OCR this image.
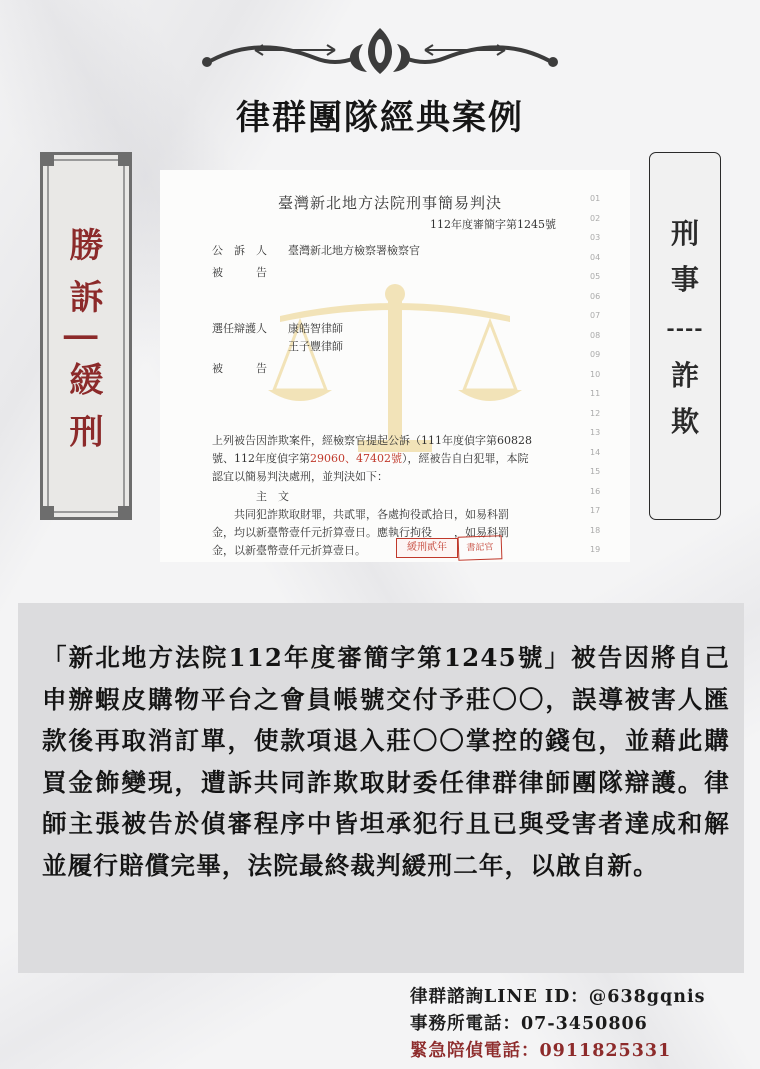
律群團隊經典案例
勝訴|緩刑	刑
事
----
詐
欺
臺灣新北地方法院刑事簡易判決
112年度審簡字第1245號
公　訴　人 臺灣新北地方檢察署檢察官
被　　　告
選任辯護人 康皓智律師
王子豐律師
被　　　告
上列被告因詐欺案件，經檢察官提起公訴（111年度偵字第60828
號、112年度偵字第29060、47402號），經被告自白犯罪，本院
認宜以簡易判決處刑，並判決如下：
主　文
　　共同犯詐欺取財罪，共貳罪，各處拘役貳拾日，如易科罰
金，均以新臺幣壹仟元折算壹日。應執行拘役　　，如易科罰
金，以新臺幣壹仟元折算壹日。	緩刑貳年	書記官
01
02
03
04
05
06
07
08
09
10
11
12
13
14
15
16
17
18
19

「新北地方法院112年度審簡字第1245號」被告因將自己申辦蝦皮購物平台之會員帳號交付予莊〇〇，誤導被害人匯款後再取消訂單，使款項退入莊〇〇掌控的錢包，並藉此購買金飾變現，遭訴共同詐欺取財委任律群律師團隊辯護。律師主張被告於偵審程序中皆坦承犯行且已與受害者達成和解並履行賠償完畢，法院最終裁判緩刑二年，以啟自新。

律群諮詢LINE ID：@638gqnis
事務所電話：07-3450806
緊急陪偵電話：0911825331
